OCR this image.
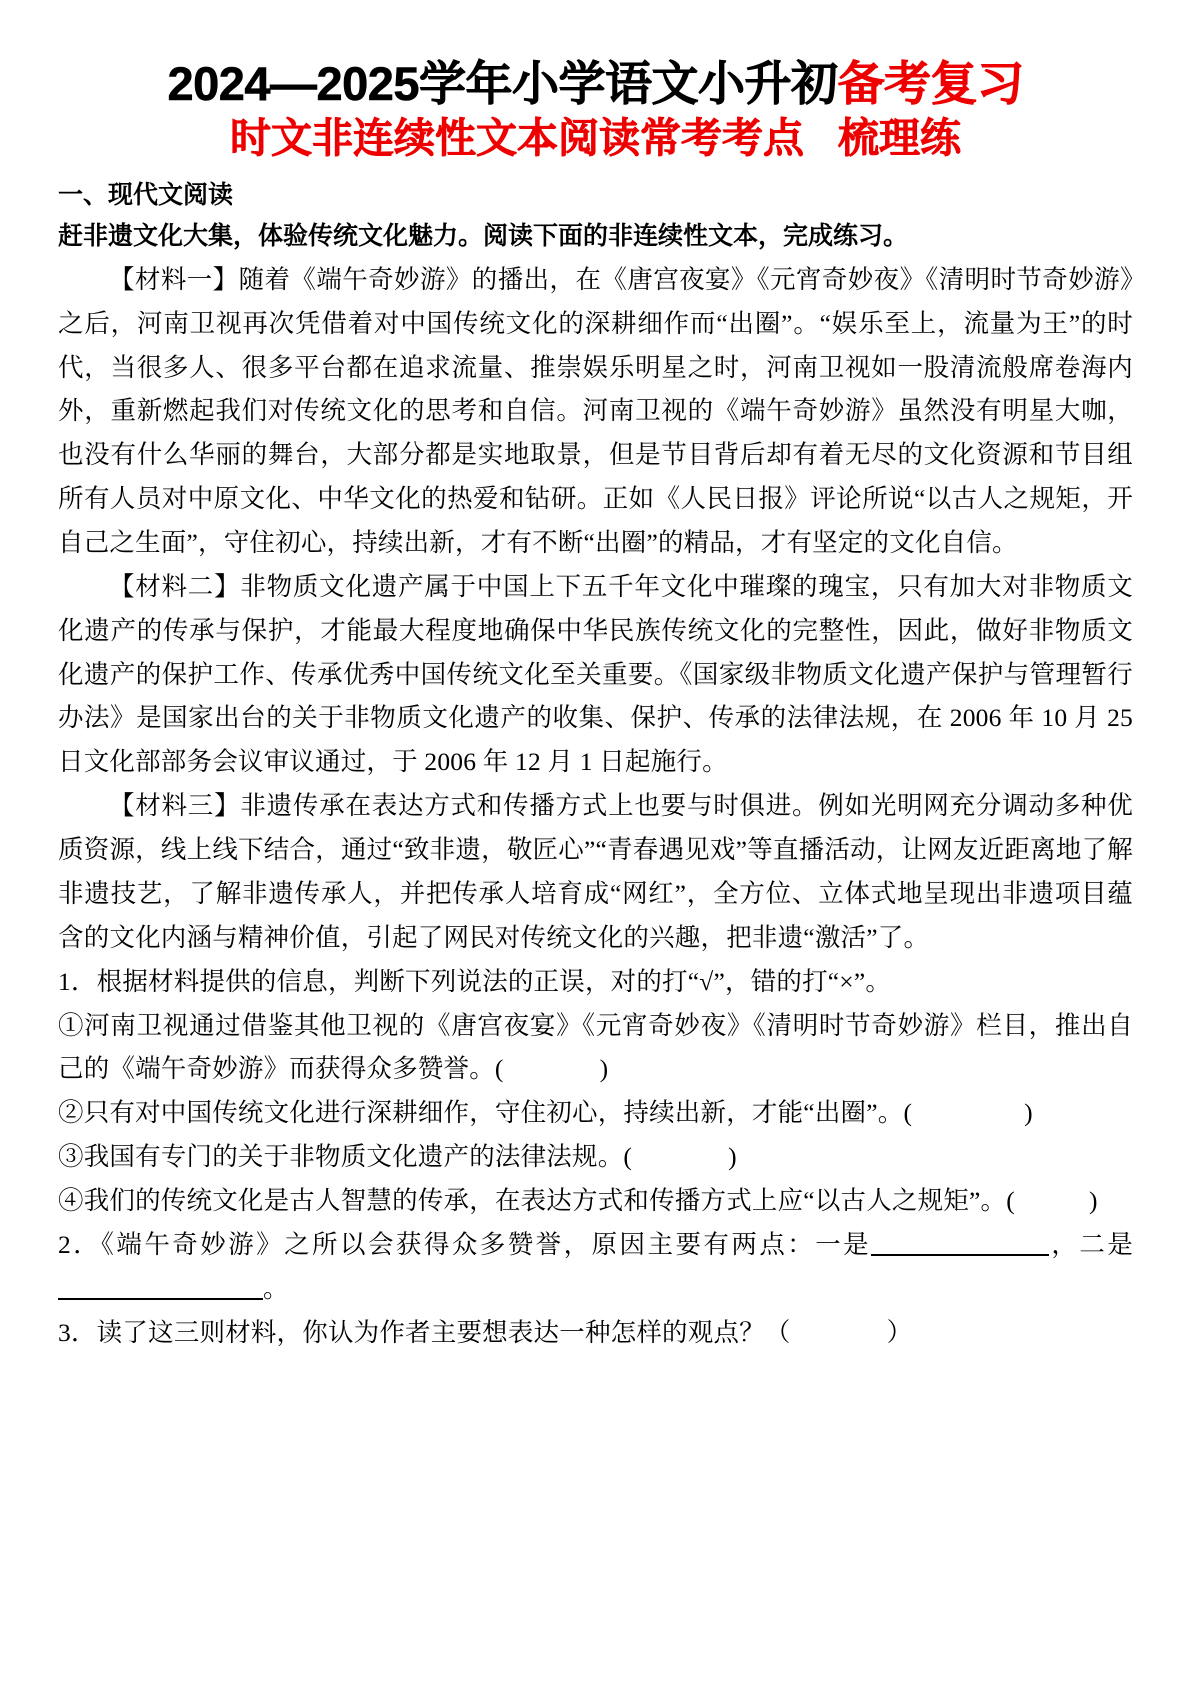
2024—2025学年小学语文小升初备考复习
时文非连续性文本阅读常考考点 梳理练
一、现代文阅读
赶非遗文化大集，体验传统文化魅力。阅读下面的非连续性文本，完成练习。

【材料一】随着《端午奇妙游》的播出，在《唐宫夜宴》《元宵奇妙夜》《清明时节奇妙游》之后，河南卫视再次凭借着对中国传统文化的深耕细作而“出圈”。“娱乐至上，流量为王”的时代，当很多人、很多平台都在追求流量、推崇娱乐明星之时，河南卫视如一股清流般席卷海内外，重新燃起我们对传统文化的思考和自信。河南卫视的《端午奇妙游》虽然没有明星大咖，也没有什么华丽的舞台，大部分都是实地取景，但是节目背后却有着无尽的文化资源和节目组所有人员对中原文化、中华文化的热爱和钻研。正如《人民日报》评论所说“以古人之规矩，开自己之生面”，守住初心，持续出新，才有不断“出圈”的精品，才有坚定的文化自信。

【材料二】非物质文化遗产属于中国上下五千年文化中璀璨的瑰宝，只有加大对非物质文化遗产的传承与保护，才能最大程度地确保中华民族传统文化的完整性，因此，做好非物质文化遗产的保护工作、传承优秀中国传统文化至关重要。《国家级非物质文化遗产保护与管理暂行办法》是国家出台的关于非物质文化遗产的收集、保护、传承的法律法规，在 2006 年 10 月 25 日文化部部务会议审议通过，于 2006 年 12 月 1 日起施行。

【材料三】非遗传承在表达方式和传播方式上也要与时俱进。例如光明网充分调动多种优质资源，线上线下结合，通过“致非遗，敬匠心”“青春遇见戏”等直播活动，让网友近距离地了解非遗技艺，了解非遗传承人，并把传承人培育成“网红”，全方位、立体式地呈现出非遗项目蕴含的文化内涵与精神价值，引起了网民对传统文化的兴趣，把非遗“激活”了。

1．根据材料提供的信息，判断下列说法的正误，对的打“√”，错的打“×”。

①河南卫视通过借鉴其他卫视的《唐宫夜宴》《元宵奇妙夜》《清明时节奇妙游》栏目，推出自己的《端午奇妙游》而获得众多赞誉。(	)

②只有对中国传统文化进行深耕细作，守住初心，持续出新，才能“出圈”。(	)

③我国有专门的关于非物质文化遗产的法律法规。(	)

④我们的传统文化是古人智慧的传承，在表达方式和传播方式上应“以古人之规矩”。(	)

2．《端午奇妙游》之所以会获得众多赞誉，原因主要有两点：一是	，二是。

3．读了这三则材料，你认为作者主要想表达一种怎样的观点？（	）
